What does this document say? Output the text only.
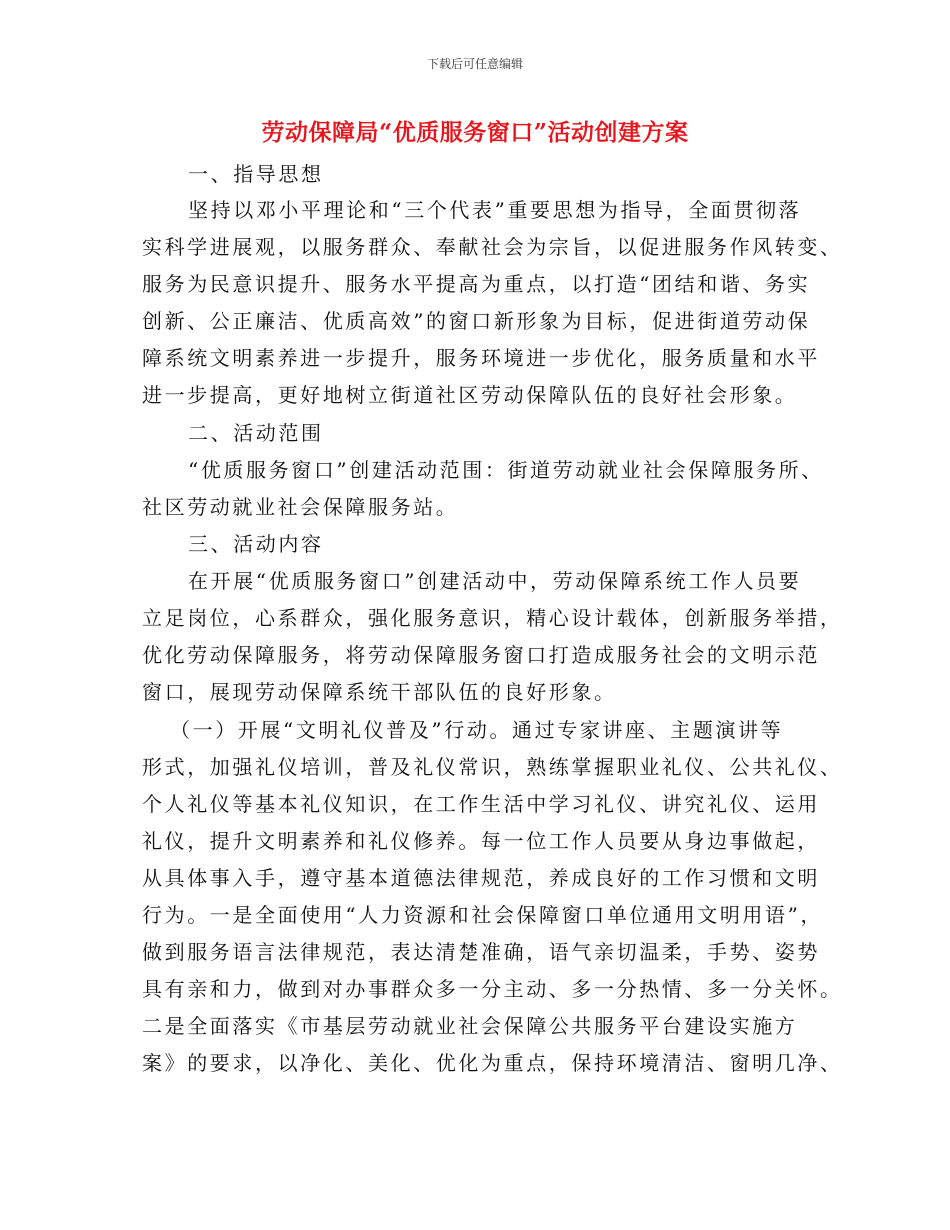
下载后可任意编辑
劳动保障局“优质服务窗口”活动创建方案
一、指导思想
坚持以邓小平理论和“三个代表”重要思想为指导，全面贯彻落
实科学进展观，以服务群众、奉献社会为宗旨，以促进服务作风转变、
服务为民意识提升、服务水平提高为重点，以打造“团结和谐、务实
创新、公正廉洁、优质高效”的窗口新形象为目标，促进街道劳动保
障系统文明素养进一步提升，服务环境进一步优化，服务质量和水平
进一步提高，更好地树立街道社区劳动保障队伍的良好社会形象。
二、活动范围
“优质服务窗口”创建活动范围：街道劳动就业社会保障服务所、
社区劳动就业社会保障服务站。
三、活动内容
在开展“优质服务窗口”创建活动中，劳动保障系统工作人员要
立足岗位，心系群众，强化服务意识，精心设计载体，创新服务举措，
优化劳动保障服务，将劳动保障服务窗口打造成服务社会的文明示范
窗口，展现劳动保障系统干部队伍的良好形象。
（一）开展“文明礼仪普及”行动。通过专家讲座、主题演讲等
形式，加强礼仪培训，普及礼仪常识，熟练掌握职业礼仪、公共礼仪、
个人礼仪等基本礼仪知识，在工作生活中学习礼仪、讲究礼仪、运用
礼仪，提升文明素养和礼仪修养。每一位工作人员要从身边事做起，
从具体事入手，遵守基本道德法律规范，养成良好的工作习惯和文明
行为。一是全面使用“人力资源和社会保障窗口单位通用文明用语”，
做到服务语言法律规范，表达清楚准确，语气亲切温柔，手势、姿势
具有亲和力，做到对办事群众多一分主动、多一分热情、多一分关怀。
二是全面落实《市基层劳动就业社会保障公共服务平台建设实施方
案》的要求，以净化、美化、优化为重点，保持环境清洁、窗明几净、
